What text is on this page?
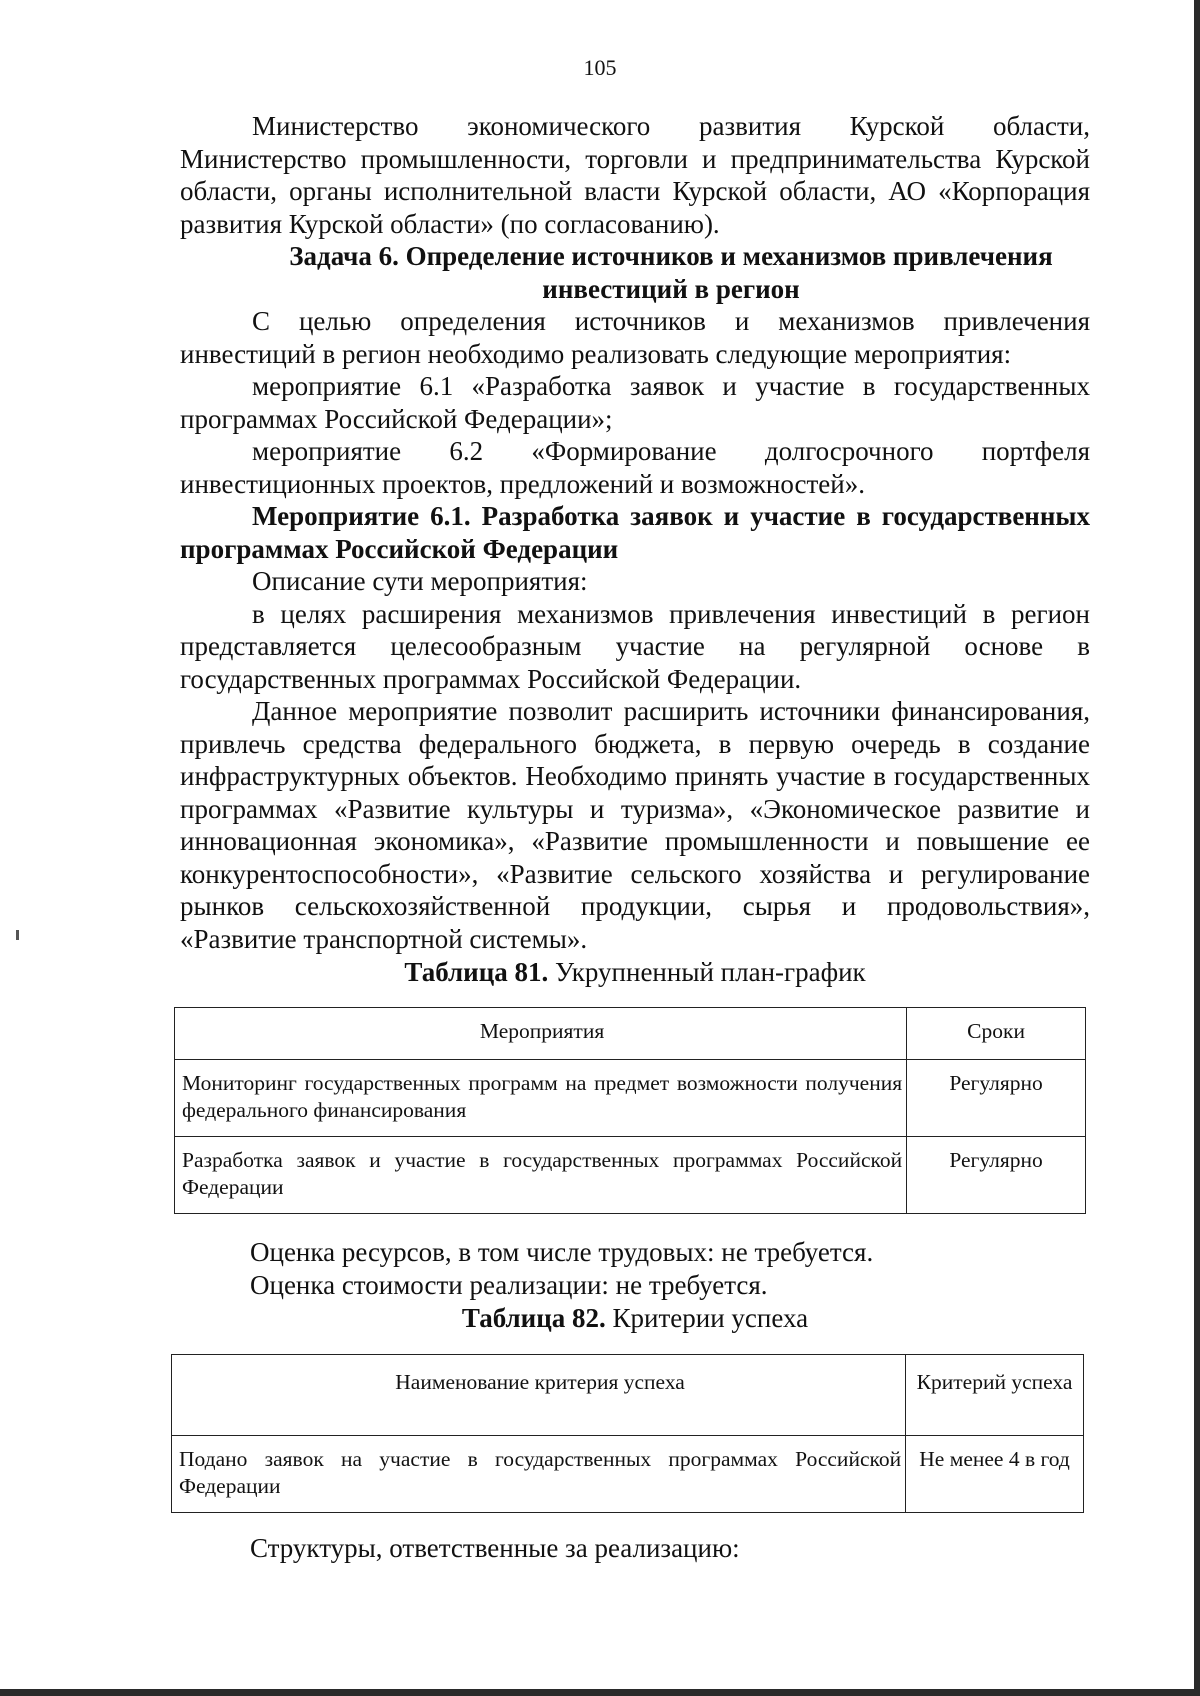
105

Министерство экономического развития Курской области, Министерство промышленности, торговли и предпринимательства Курской области, органы исполнительной власти Курской области, АО «Корпорация развития Курской области» (по согласованию).

Задача 6. Определение источников и механизмов привлечения инвестиций в регион

С целью определения источников и механизмов привлечения инвестиций в регион необходимо реализовать следующие мероприятия:

мероприятие 6.1 «Разработка заявок и участие в государственных программах Российской Федерации»;

мероприятие 6.2 «Формирование долгосрочного портфеля инвестиционных проектов, предложений и возможностей».

Мероприятие 6.1. Разработка заявок и участие в государственных программах Российской Федерации

Описание сути мероприятия:

в целях расширения механизмов привлечения инвестиций в регион представляется целесообразным участие на регулярной основе в государственных программах Российской Федерации.

Данное мероприятие позволит расширить источники финансирования, привлечь средства федерального бюджета, в первую очередь в создание инфраструктурных объектов. Необходимо принять участие в государственных программах «Развитие культуры и туризма», «Экономическое развитие и инновационная экономика», «Развитие промышленности и повышение ее конкурентоспособности», «Развитие сельского хозяйства и регулирование рынков сельскохозяйственной продукции, сырья и продовольствия», «Развитие транспортной системы».

Таблица 81. Укрупненный план-график

Мероприятия	Сроки
Мониторинг государственных программ на предмет возможности получения федерального финансирования	Регулярно
Разработка заявок и участие в государственных программах Российской Федерации	Регулярно

Оценка ресурсов, в том числе трудовых: не требуется.

Оценка стоимости реализации: не требуется.

Таблица 82. Критерии успеха

Наименование критерия успеха	Критерий успеха
Подано заявок на участие в государственных программах Российской Федерации	Не менее 4 в год

Структуры, ответственные за реализацию:
